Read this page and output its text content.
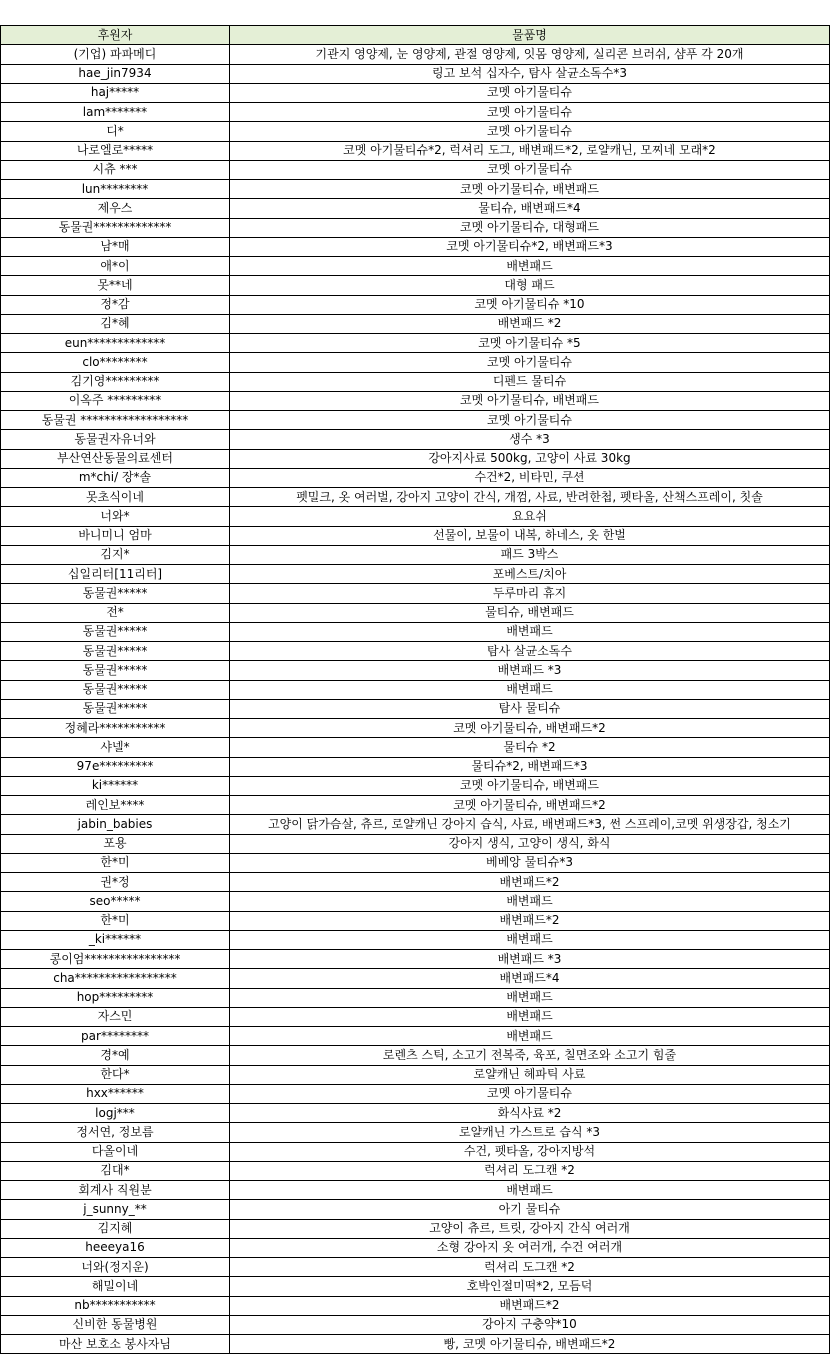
후원자	물품명
(기업) 파파메디	기관지 영양제, 눈 영양제, 관절 영양제, 잇몸 영양제, 실리콘 브러쉬, 샴푸 각 20개
hae_jin7934	링고 보석 십자수, 탐사 살균소독수*3
haj*****	코멧 아기물티슈
lam*******	코멧 아기물티슈
디*	코멧 아기물티슈
나로엘로*****	코멧 아기물티슈*2, 럭셔리 도그, 배변패드*2, 로얄캐닌, 모찌네 모래*2
시츄 ***	코멧 아기물티슈
lun********	코멧 아기물티슈, 배변패드
제우스	물티슈, 배변패드*4
동물권*************	코멧 아기물티슈, 대형패드
남*매	코멧 아기물티슈*2, 배변패드*3
애*이	배변패드
못**네	대형 패드
정*감	코멧 아기물티슈 *10
김*혜	배변패드 *2
eun*************	코멧 아기물티슈 *5
clo********	코멧 아기물티슈
김기영*********	디펜드 물티슈
이옥주 *********	코멧 아기물티슈, 배변패드
동물권 ******************	코멧 아기물티슈
동물권자유너와	생수 *3
부산연산동물의료센터	강아지사료 500kg, 고양이 사료 30kg
m*chi/ 장*솔	수건*2, 비타민, 쿠션
못초식이네	펫밀크, 옷 여러벌, 강아지 고양이 간식, 개껌, 사료, 반려한첩, 펫타올, 산책스프레이, 칫솔
너와*	요요쉬
바니미니 엄마	선물이, 보물이 내복, 하네스, 옷 한벌
김지*	패드 3박스
십일리터[11리터]	포베스트/치아
동물권*****	두루마리 휴지
전*	물티슈, 배변패드
동물권*****	배변패드
동물권*****	탐사 살균소독수
동물권*****	배변패드 *3
동물권*****	배변패드
동물권*****	탐사 물티슈
정혜라***********	코멧 아기물티슈, 배변패드*2
샤넬*	물티슈 *2
97e*********	물티슈*2, 배변패드*3
ki******	코멧 아기물티슈, 배변패드
레인보****	코멧 아기물티슈, 배변패드*2
jabin_babies	고양이 닭가슴살, 츄르, 로얄캐닌 강아지 습식, 사료, 배변패드*3, 썬 스프레이,코멧 위생장갑, 청소기
포용	강아지 생식, 고양이 생식, 화식
한*미	베베앙 물티슈*3
권*정	배변패드*2
seo*****	배변패드
한*미	배변패드*2
_ki******	배변패드
콩이엄****************	배변패드 *3
cha*****************	배변패드*4
hop*********	배변패드
자스민	배변패드
par********	배변패드
경*예	로렌츠 스틱, 소고기 전복죽, 육포, 칠면조와 소고기 힘줄
한다*	로얄캐닌 헤파틱 사료
hxx******	코멧 아기물티슈
logj***	화식사료 *2
정서연, 정보름	로얄캐닌 가스트로 습식 *3
다올이네	수건, 펫타올, 강아지방석
김대*	럭셔리 도그캔 *2
회계사 직원분	배변패드
j_sunny_**	아기 물티슈
김지혜	고양이 츄르, 트릿, 강아지 간식 여러개
heeeya16	소형 강아지 옷 여러개, 수건 여러개
너와(정지운)	럭셔리 도그캔 *2
해밀이네	호박인절미떡*2, 모듬덕
nb***********	배변패드*2
신비한 동물병원	강아지 구충약*10
마산 보호소 봉사자님	빵, 코멧 아기물티슈, 배변패드*2
